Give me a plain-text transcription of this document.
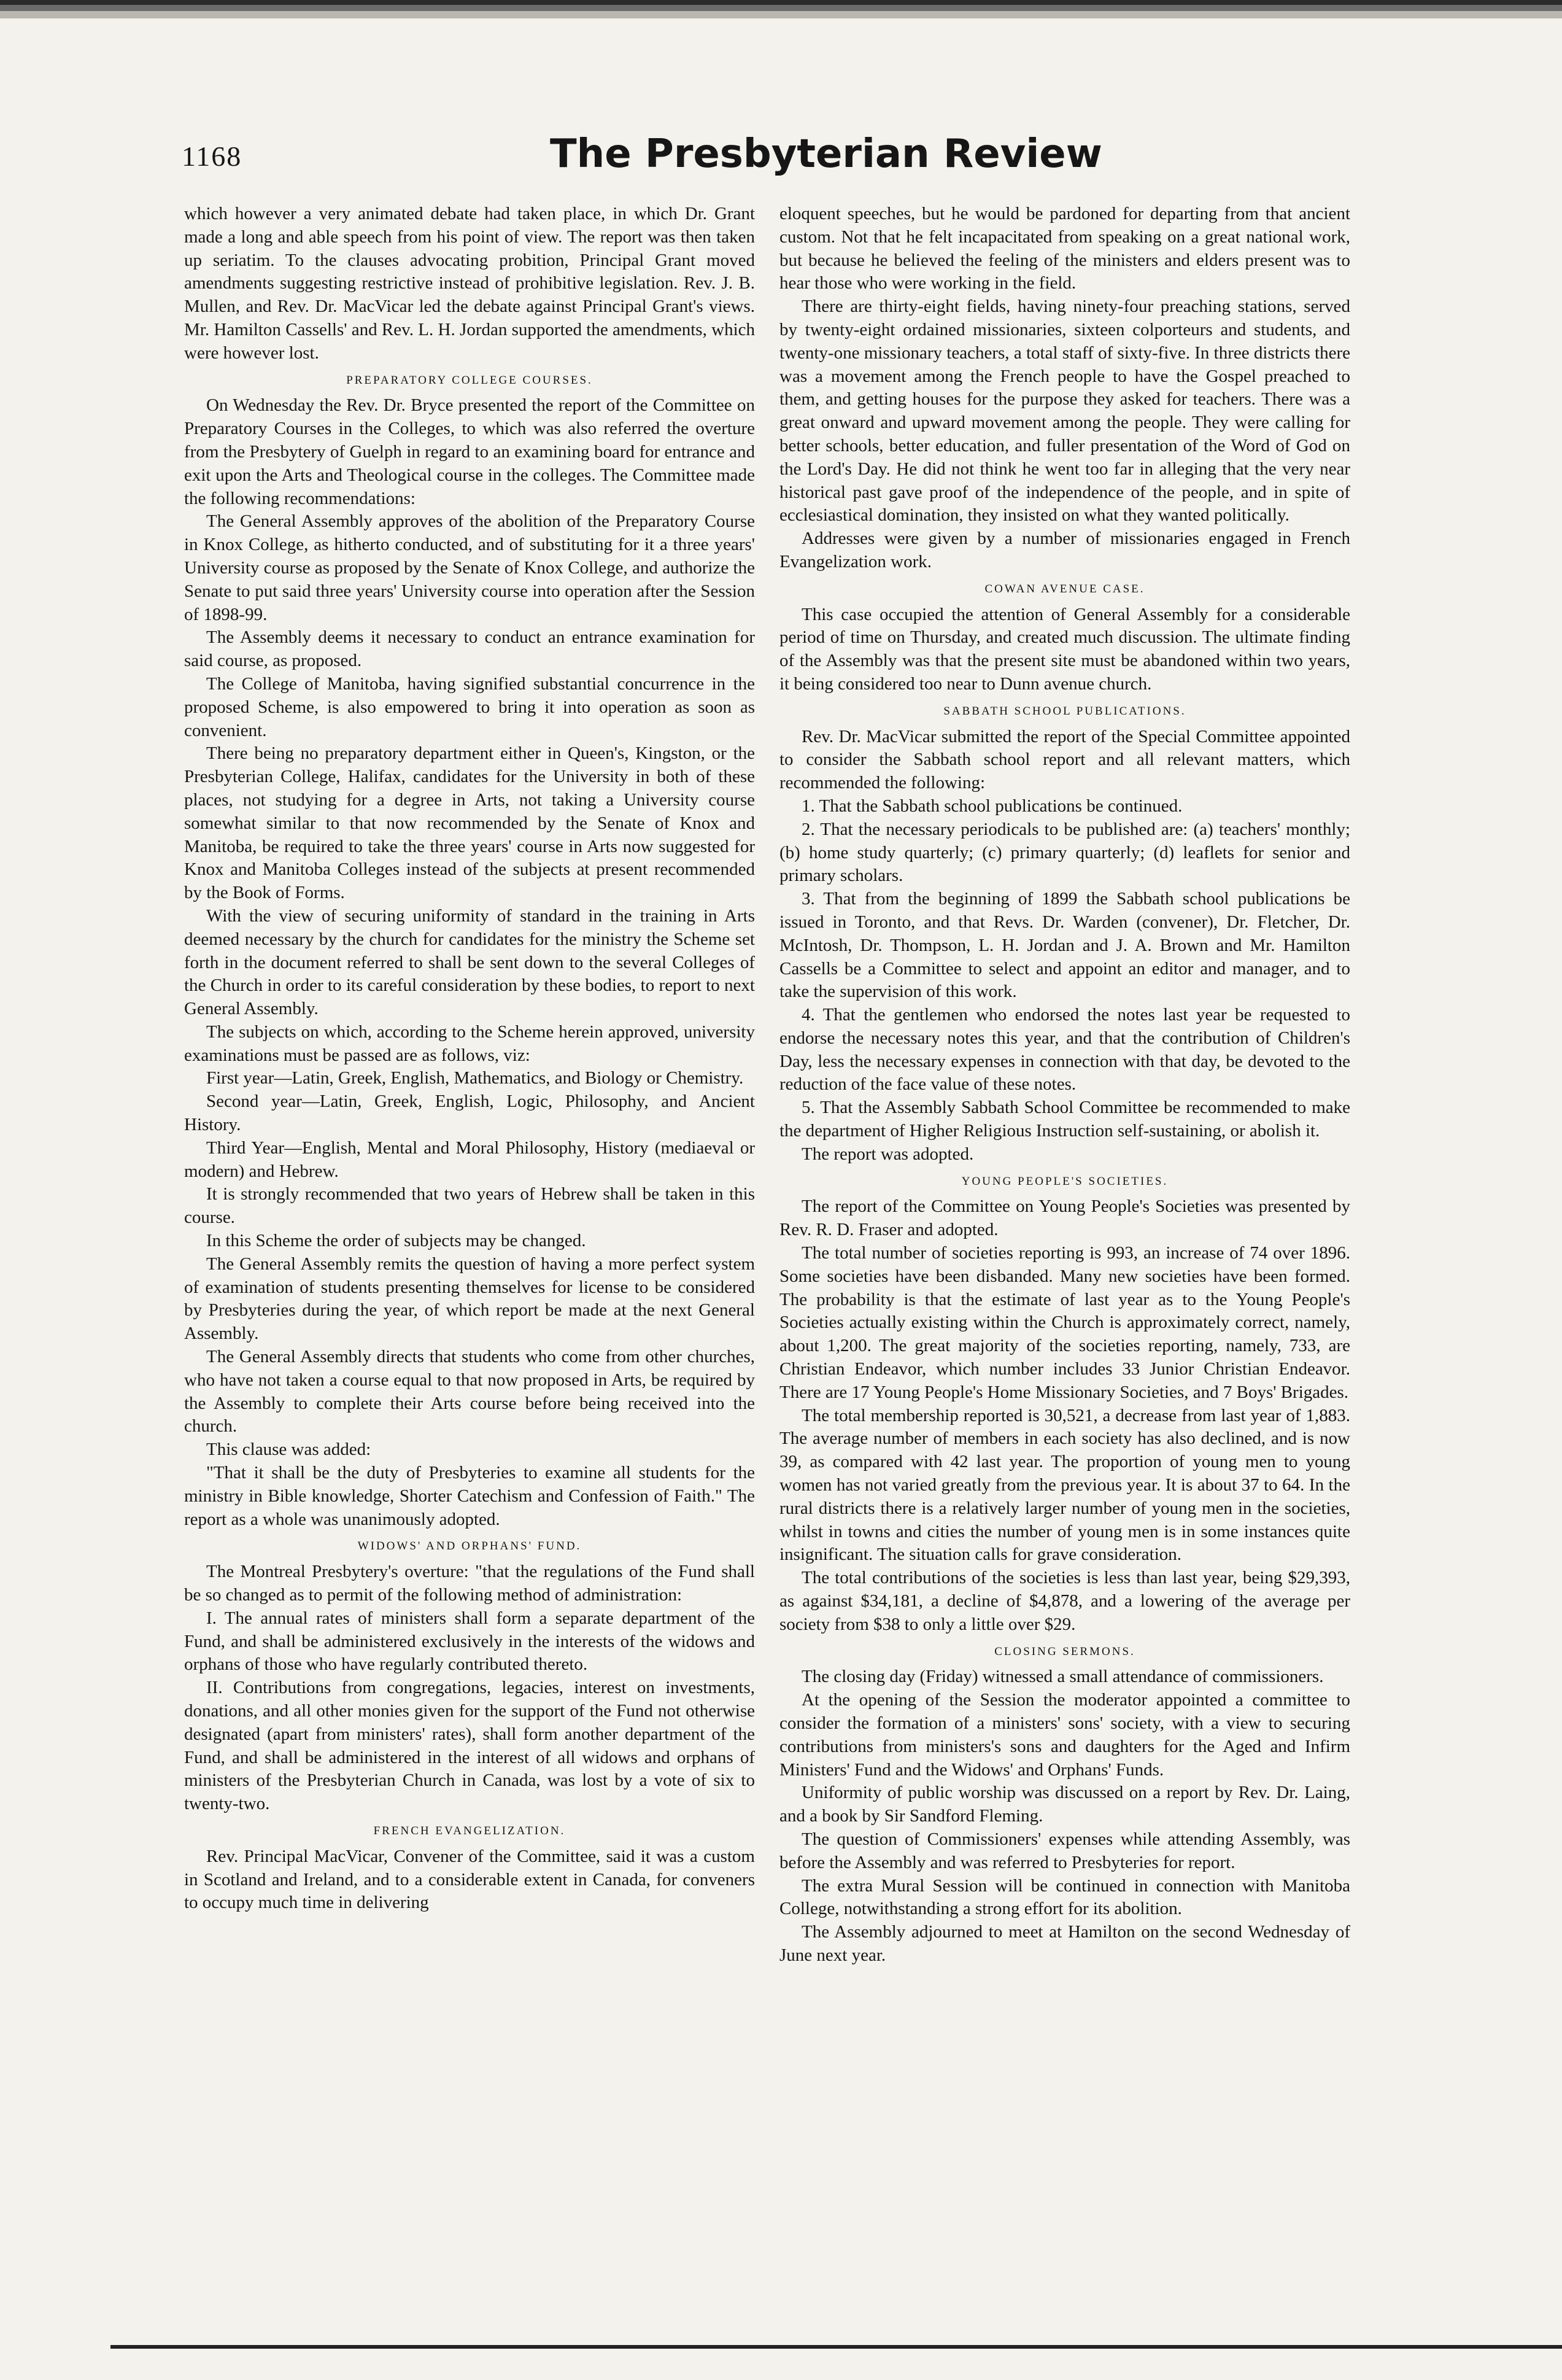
1168	The Presbyterian Review

which however a very animated debate had taken place, in which Dr. Grant made a long and able speech from his point of view. The report was then taken up seriatim. To the clauses advocating probition, Principal Grant moved amendments suggesting restrictive instead of prohibitive legislation. Rev. J. B. Mullen, and Rev. Dr. MacVicar led the debate against Principal Grant's views. Mr. Hamilton Cassells' and Rev. L. H. Jordan supported the amendments, which were however lost.

PREPARATORY COLLEGE COURSES.

On Wednesday the Rev. Dr. Bryce presented the report of the Committee on Preparatory Courses in the Colleges, to which was also referred the overture from the Presbytery of Guelph in regard to an examining board for entrance and exit upon the Arts and Theological course in the colleges. The Committee made the following recommendations:

The General Assembly approves of the abolition of the Preparatory Course in Knox College, as hitherto conducted, and of substituting for it a three years' University course as proposed by the Senate of Knox College, and authorize the Senate to put said three years' University course into operation after the Session of 1898-99.

The Assembly deems it necessary to conduct an entrance examination for said course, as proposed.

The College of Manitoba, having signified substantial concurrence in the proposed Scheme, is also empowered to bring it into operation as soon as convenient.

There being no preparatory department either in Queen's, Kingston, or the Presbyterian College, Halifax, candidates for the University in both of these places, not studying for a degree in Arts, not taking a University course somewhat similar to that now recommended by the Senate of Knox and Manitoba, be required to take the three years' course in Arts now suggested for Knox and Manitoba Colleges instead of the subjects at present recommended by the Book of Forms.

With the view of securing uniformity of standard in the training in Arts deemed necessary by the church for candidates for the ministry the Scheme set forth in the document referred to shall be sent down to the several Colleges of the Church in order to its careful consideration by these bodies, to report to next General Assembly.

The subjects on which, according to the Scheme herein approved, university examinations must be passed are as follows, viz:

First year—Latin, Greek, English, Mathematics, and Biology or Chemistry.

Second year—Latin, Greek, English, Logic, Philosophy, and Ancient History.

Third Year—English, Mental and Moral Philosophy, History (mediaeval or modern) and Hebrew.

It is strongly recommended that two years of Hebrew shall be taken in this course.

In this Scheme the order of subjects may be changed.

The General Assembly remits the question of having a more perfect system of examination of students presenting themselves for license to be considered by Presbyteries during the year, of which report be made at the next General Assembly.

The General Assembly directs that students who come from other churches, who have not taken a course equal to that now proposed in Arts, be required by the Assembly to complete their Arts course before being received into the church.

This clause was added:

"That it shall be the duty of Presbyteries to examine all students for the ministry in Bible knowledge, Shorter Catechism and Confession of Faith." The report as a whole was unanimously adopted.

WIDOWS' AND ORPHANS' FUND.

The Montreal Presbytery's overture: "that the regulations of the Fund shall be so changed as to permit of the following method of administration:

I. The annual rates of ministers shall form a separate department of the Fund, and shall be administered exclusively in the interests of the widows and orphans of those who have regularly contributed thereto.

II. Contributions from congregations, legacies, interest on investments, donations, and all other monies given for the support of the Fund not otherwise designated (apart from ministers' rates), shall form another department of the Fund, and shall be administered in the interest of all widows and orphans of ministers of the Presbyterian Church in Canada, was lost by a vote of six to twenty-two.

FRENCH EVANGELIZATION.

Rev. Principal MacVicar, Convener of the Committee, said it was a custom in Scotland and Ireland, and to a considerable extent in Canada, for conveners to occupy much time in delivering

eloquent speeches, but he would be pardoned for departing from that ancient custom. Not that he felt incapacitated from speaking on a great national work, but because he believed the feeling of the ministers and elders present was to hear those who were working in the field.

There are thirty-eight fields, having ninety-four preaching stations, served by twenty-eight ordained missionaries, sixteen colporteurs and students, and twenty-one missionary teachers, a total staff of sixty-five. In three districts there was a movement among the French people to have the Gospel preached to them, and getting houses for the purpose they asked for teachers. There was a great onward and upward movement among the people. They were calling for better schools, better education, and fuller presentation of the Word of God on the Lord's Day. He did not think he went too far in alleging that the very near historical past gave proof of the independence of the people, and in spite of ecclesiastical domination, they insisted on what they wanted politically.

Addresses were given by a number of missionaries engaged in French Evangelization work.

COWAN AVENUE CASE.

This case occupied the attention of General Assembly for a considerable period of time on Thursday, and created much discussion. The ultimate finding of the Assembly was that the present site must be abandoned within two years, it being considered too near to Dunn avenue church.

SABBATH SCHOOL PUBLICATIONS.

Rev. Dr. MacVicar submitted the report of the Special Committee appointed to consider the Sabbath school report and all relevant matters, which recommended the following:

1. That the Sabbath school publications be continued.

2. That the necessary periodicals to be published are: (a) teachers' monthly; (b) home study quarterly; (c) primary quarterly; (d) leaflets for senior and primary scholars.

3. That from the beginning of 1899 the Sabbath school publications be issued in Toronto, and that Revs. Dr. Warden (convener), Dr. Fletcher, Dr. McIntosh, Dr. Thompson, L. H. Jordan and J. A. Brown and Mr. Hamilton Cassells be a Committee to select and appoint an editor and manager, and to take the supervision of this work.

4. That the gentlemen who endorsed the notes last year be requested to endorse the necessary notes this year, and that the contribution of Children's Day, less the necessary expenses in connection with that day, be devoted to the reduction of the face value of these notes.

5. That the Assembly Sabbath School Committee be recommended to make the department of Higher Religious Instruction self-sustaining, or abolish it.

The report was adopted.

YOUNG PEOPLE'S SOCIETIES.

The report of the Committee on Young People's Societies was presented by Rev. R. D. Fraser and adopted.

The total number of societies reporting is 993, an increase of 74 over 1896. Some societies have been disbanded. Many new societies have been formed. The probability is that the estimate of last year as to the Young People's Societies actually existing within the Church is approximately correct, namely, about 1,200. The great majority of the societies reporting, namely, 733, are Christian Endeavor, which number includes 33 Junior Christian Endeavor. There are 17 Young People's Home Missionary Societies, and 7 Boys' Brigades.

The total membership reported is 30,521, a decrease from last year of 1,883. The average number of members in each society has also declined, and is now 39, as compared with 42 last year. The proportion of young men to young women has not varied greatly from the previous year. It is about 37 to 64. In the rural districts there is a relatively larger number of young men in the societies, whilst in towns and cities the number of young men is in some instances quite insignificant. The situation calls for grave consideration.

The total contributions of the societies is less than last year, being $29,393, as against $34,181, a decline of $4,878, and a lowering of the average per society from $38 to only a little over $29.

CLOSING SERMONS.

The closing day (Friday) witnessed a small attendance of commissioners.

At the opening of the Session the moderator appointed a committee to consider the formation of a ministers' sons' society, with a view to securing contributions from ministers's sons and daughters for the Aged and Infirm Ministers' Fund and the Widows' and Orphans' Funds.

Uniformity of public worship was discussed on a report by Rev. Dr. Laing, and a book by Sir Sandford Fleming.

The question of Commissioners' expenses while attending Assembly, was before the Assembly and was referred to Presbyteries for report.

The extra Mural Session will be continued in connection with Manitoba College, notwithstanding a strong effort for its abolition.

The Assembly adjourned to meet at Hamilton on the second Wednesday of June next year.
